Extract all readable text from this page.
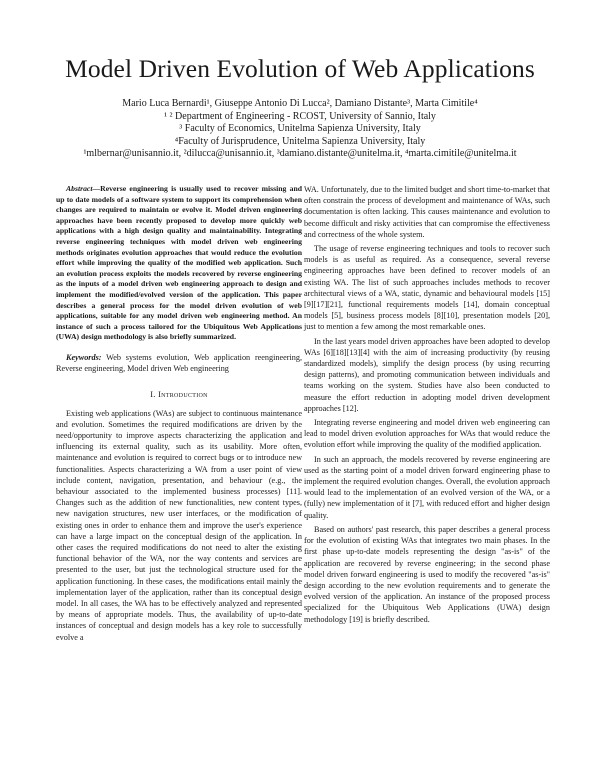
Model Driven Evolution of Web Applications
Mario Luca Bernardi¹, Giuseppe Antonio Di Lucca², Damiano Distante³, Marta Cimitile⁴
¹ ² Department of Engineering - RCOST, University of Sannio, Italy
³ Faculty of Economics, Unitelma Sapienza University, Italy
⁴Faculty of Jurisprudence, Unitelma Sapienza University, Italy
¹mlbernar@unisannio.it, ²dilucca@unisannio.it, ³damiano.distante@unitelma.it, ⁴marta.cimitile@unitelma.it

Abstract—Reverse engineering is usually used to recover missing and up to date models of a software system to support its comprehension when changes are required to maintain or evolve it. Model driven engineering approaches have been recently proposed to develop more quickly web applications with a high design quality and maintainability. Integrating reverse engineering techniques with model driven web engineering methods originates evolution approaches that would reduce the evolution effort while improving the quality of the modified web application. Such an evolution process exploits the models recovered by reverse engineering as the inputs of a model driven web engineering approach to design and implement the modified/evolved version of the application. This paper describes a general process for the model driven evolution of web applications, suitable for any model driven web engineering method. An instance of such a process tailored for the Ubiquitous Web Applications (UWA) design methodology is also briefly summarized.

Keywords: Web systems evolution, Web application reengineering, Reverse engineering, Model driven Web engineering

I. Introduction

Existing web applications (WAs) are subject to continuous maintenance and evolution. Sometimes the required modifications are driven by the need/opportunity to improve aspects characterizing the application and influencing its external quality, such as its usability. More often, maintenance and evolution is required to correct bugs or to introduce new functionalities. Aspects characterizing a WA from a user point of view include content, navigation, presentation, and behaviour (e.g., the behaviour associated to the implemented business processes) [11]. Changes such as the addition of new functionalities, new content types, new navigation structures, new user interfaces, or the modification of existing ones in order to enhance them and improve the user's experience can have a large impact on the conceptual design of the application. In other cases the required modifications do not need to alter the existing functional behavior of the WA, nor the way contents and services are presented to the user, but just the technological structure used for the application functioning. In these cases, the modifications entail mainly the implementation layer of the application, rather than its conceptual design model. In all cases, the WA has to be effectively analyzed and represented by means of appropriate models. Thus, the availability of up-to-date instances of conceptual and design models has a key role to successfully evolve a

WA. Unfortunately, due to the limited budget and short time-to-market that often constrain the process of development and maintenance of WAs, such documentation is often lacking. This causes maintenance and evolution to become difficult and risky activities that can compromise the effectiveness and correctness of the whole system.

The usage of reverse engineering techniques and tools to recover such models is as useful as required. As a consequence, several reverse engineering approaches have been defined to recover models of an existing WA. The list of such approaches includes methods to recover architectural views of a WA, static, dynamic and behavioural models [15][9][17][21], functional requirements models [14], domain conceptual models [5], business process models [8][10], presentation models [20], just to mention a few among the most remarkable ones.

In the last years model driven approaches have been adopted to develop WAs [6][18][13][4] with the aim of increasing productivity (by reusing standardized models), simplify the design process (by using recurring design patterns), and promoting communication between individuals and teams working on the system. Studies have also been conducted to measure the effort reduction in adopting model driven development approaches [12].

Integrating reverse engineering and model driven web engineering can lead to model driven evolution approaches for WAs that would reduce the evolution effort while improving the quality of the modified application.

In such an approach, the models recovered by reverse engineering are used as the starting point of a model driven forward engineering phase to implement the required evolution changes. Overall, the evolution approach would lead to the implementation of an evolved version of the WA, or a (fully) new implementation of it [7], with reduced effort and higher design quality.

Based on authors' past research, this paper describes a general process for the evolution of existing WAs that integrates two main phases. In the first phase up-to-date models representing the design "as-is" of the application are recovered by reverse engineering; in the second phase model driven forward engineering is used to modify the recovered "as-is" design according to the new evolution requirements and to generate the evolved version of the application. An instance of the proposed process specialized for the Ubiquitous Web Applications (UWA) design methodology [19] is briefly described.
